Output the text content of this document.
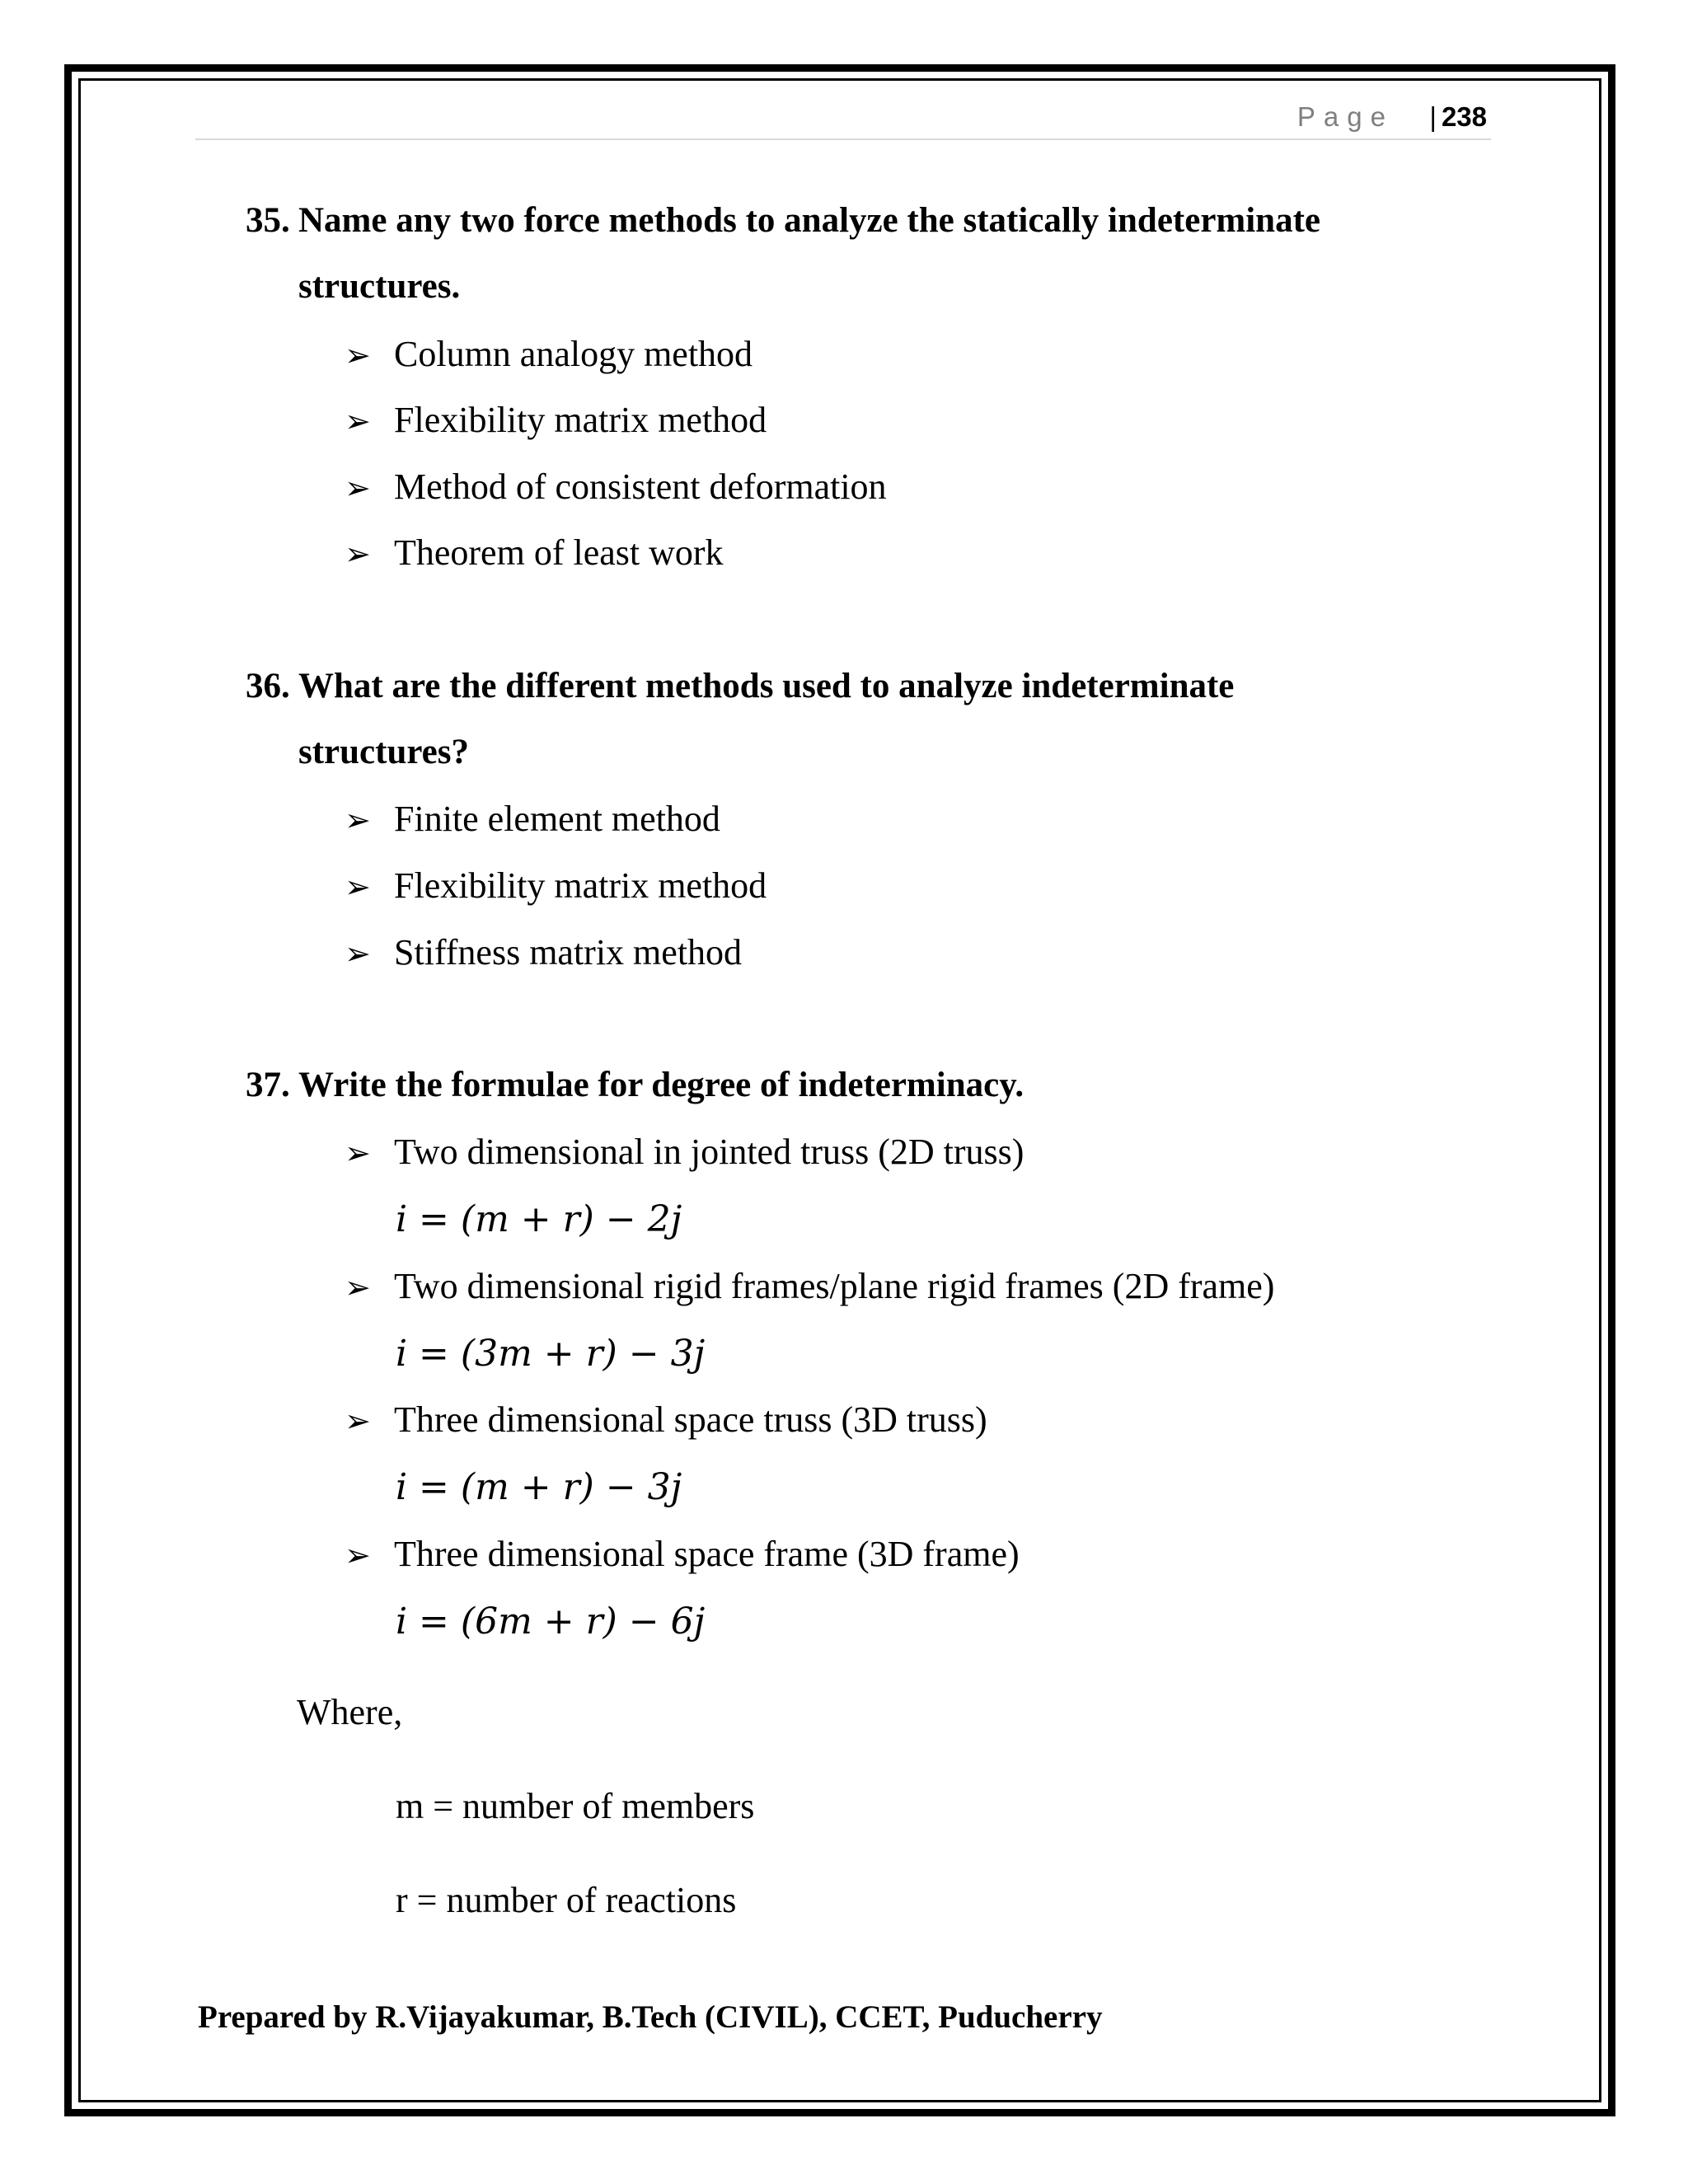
Page | 238
35. Name any two force methods to analyze the statically indeterminate
structures.
➢ Column analogy method
➢ Flexibility matrix method
➢ Method of consistent deformation
➢ Theorem of least work
36. What are the different methods used to analyze indeterminate
structures?
➢ Finite element method
➢ Flexibility matrix method
➢ Stiffness matrix method
37. Write the formulae for degree of indeterminacy.
➢ Two dimensional in jointed truss (2D truss)
i = (m + r) − 2j
➢ Two dimensional rigid frames/plane rigid frames (2D frame)
i = (3m + r) − 3j
➢ Three dimensional space truss (3D truss)
i = (m + r) − 3j
➢ Three dimensional space frame (3D frame)
i = (6m + r) − 6j
Where,
m = number of members
r = number of reactions
Prepared by R.Vijayakumar, B.Tech (CIVIL), CCET, Puducherry
